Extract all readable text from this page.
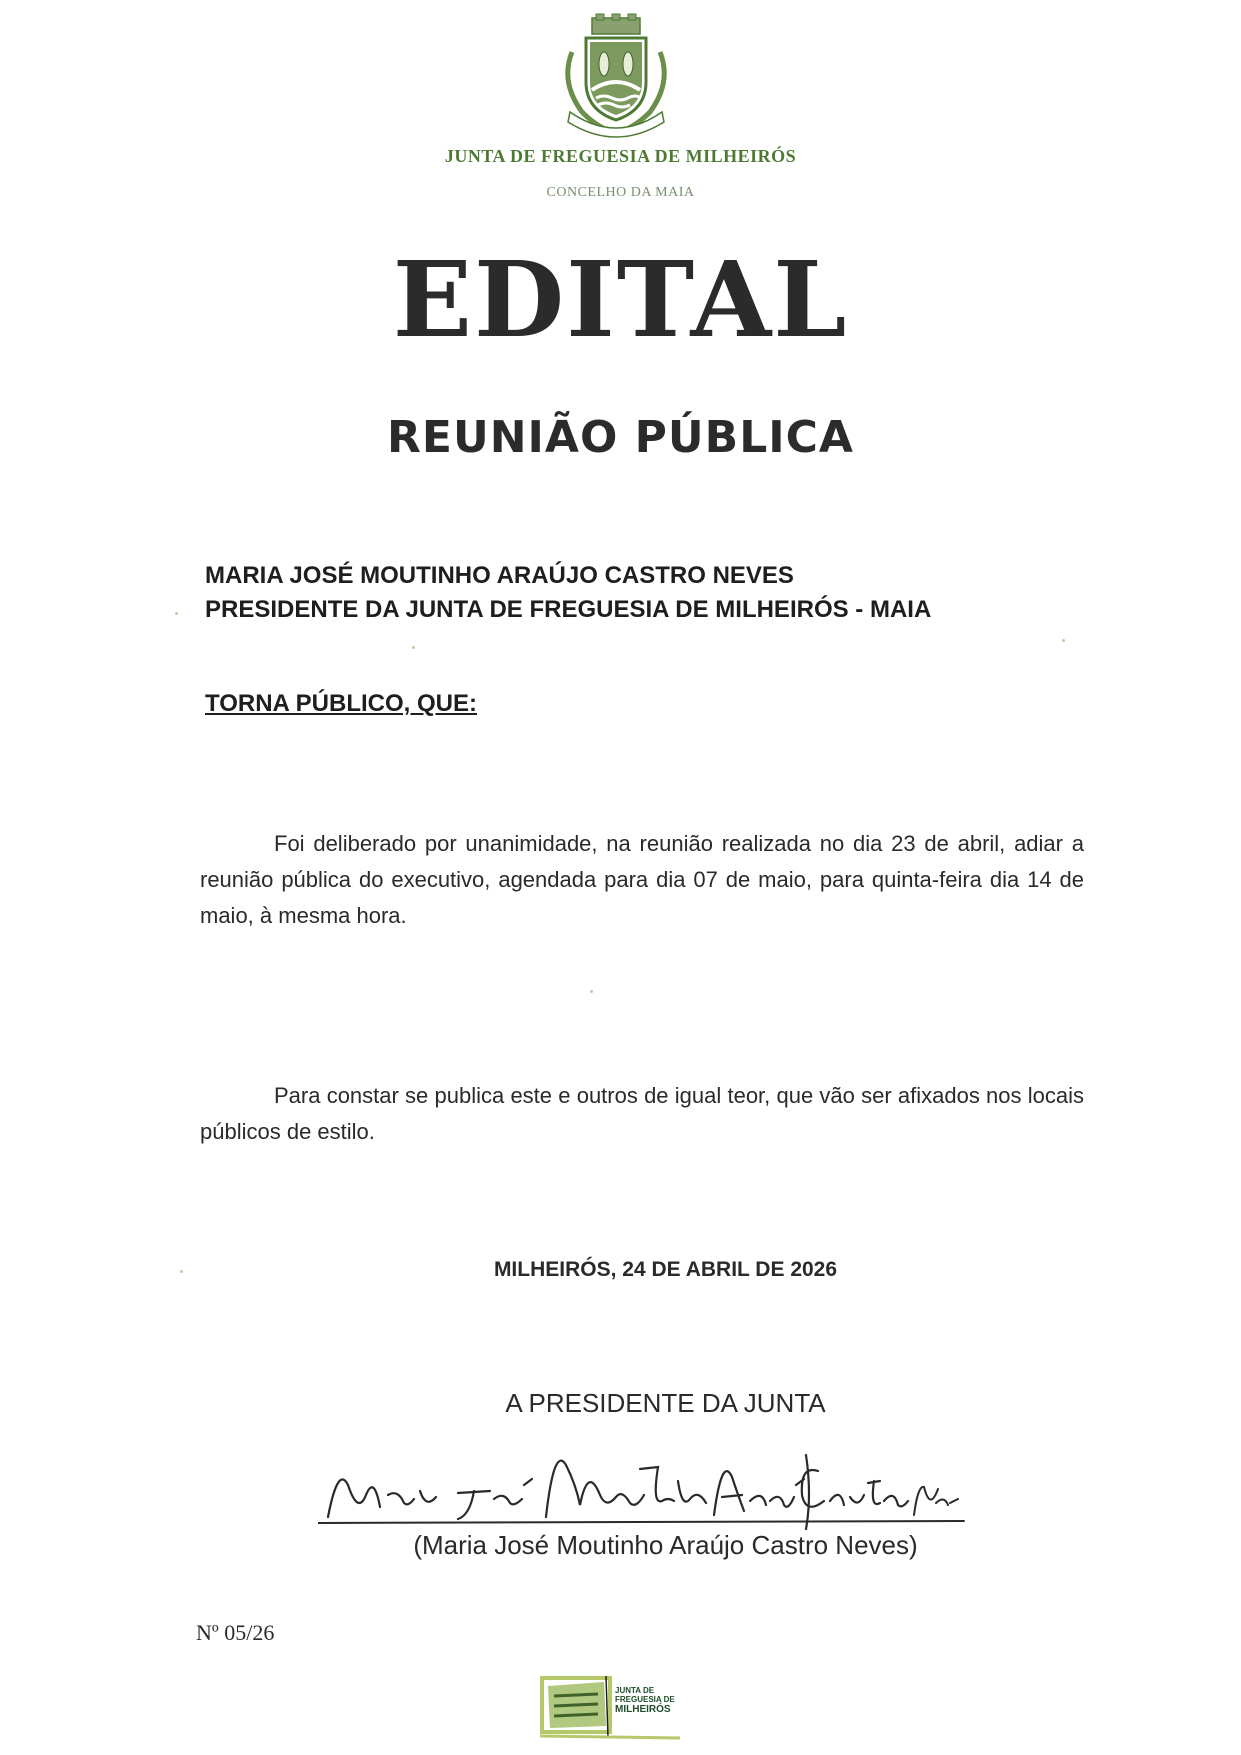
JUNTA DE FREGUESIA DE MILHEIRÓS
CONCELHO DA MAIA
EDITAL
REUNIÃO PÚBLICA
MARIA JOSÉ MOUTINHO ARAÚJO CASTRO NEVES
PRESIDENTE DA JUNTA DE FREGUESIA DE MILHEIRÓS - MAIA
TORNA PÚBLICO, QUE:
Foi deliberado por unanimidade, na reunião realizada no dia 23 de abril, adiar a reunião pública do executivo, agendada para dia 07 de maio, para quinta-feira dia 14 de maio, à mesma hora.
Para constar se publica este e outros de igual teor, que vão ser afixados nos locais públicos de estilo.
MILHEIRÓS, 24 DE ABRIL DE 2026
A PRESIDENTE DA JUNTA
(Maria José Moutinho Araújo Castro Neves)
Nº 05/26
JUNTA DE
FREGUESIA DE
MILHEIRÓS
